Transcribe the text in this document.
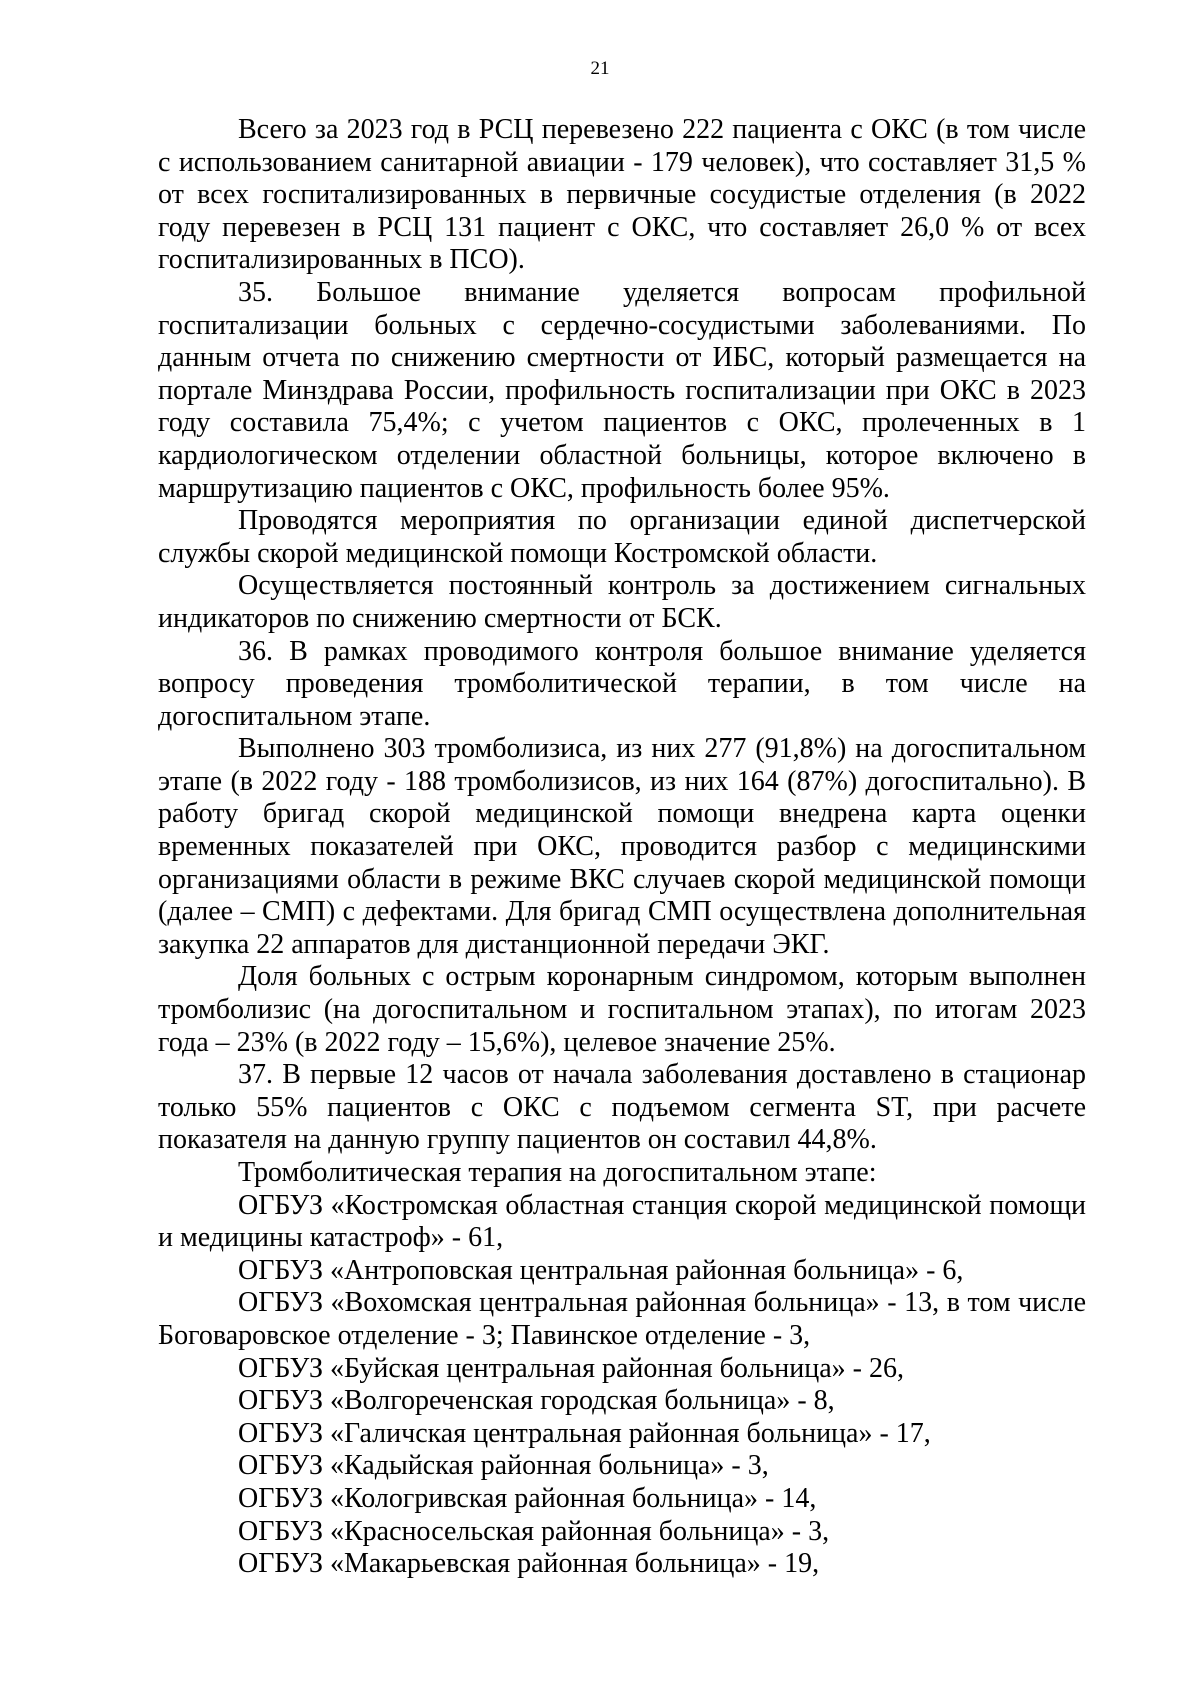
21

Всего за 2023 год в РСЦ перевезено 222 пациента с ОКС (в том числе с использованием санитарной авиации - 179 человек), что составляет 31,5 % от всех госпитализированных в первичные сосудистые отделения (в 2022 году перевезен в РСЦ 131 пациент с ОКС, что составляет 26,0 % от всех госпитализированных в ПСО).

35. Большое внимание уделяется вопросам профильной госпитализации больных с сердечно-сосудистыми заболеваниями. По данным отчета по снижению смертности от ИБС, который размещается на портале Минздрава России, профильность госпитализации при ОКС в 2023 году составила 75,4%; с учетом пациентов с ОКС, пролеченных в 1 кардиологическом отделении областной больницы, которое включено в маршрутизацию пациентов с ОКС, профильность более 95%.

Проводятся мероприятия по организации единой диспетчерской службы скорой медицинской помощи Костромской области.

Осуществляется постоянный контроль за достижением сигнальных индикаторов по снижению смертности от БСК.

36. В рамках проводимого контроля большое внимание уделяется вопросу проведения тромболитической терапии, в том числе на догоспитальном этапе.

Выполнено 303 тромболизиса, из них 277 (91,8%) на догоспитальном этапе (в 2022 году - 188 тромболизисов, из них 164 (87%) догоспитально). В работу бригад скорой медицинской помощи внедрена карта оценки временных показателей при ОКС, проводится разбор с медицинскими организациями области в режиме ВКС случаев скорой медицинской помощи (далее – СМП) с дефектами. Для бригад СМП осуществлена дополнительная закупка 22 аппаратов для дистанционной передачи ЭКГ.

Доля больных с острым коронарным синдромом, которым выполнен тромболизис (на догоспитальном и госпитальном этапах), по итогам 2023 года – 23% (в 2022 году – 15,6%), целевое значение 25%.

37. В первые 12 часов от начала заболевания доставлено в стационар только 55% пациентов с ОКС с подъемом сегмента ST, при расчете показателя на данную группу пациентов он составил 44,8%.

Тромболитическая терапия на догоспитальном этапе:

ОГБУЗ «Костромская областная станция скорой медицинской помощи и медицины катастроф» - 61,

ОГБУЗ «Антроповская центральная районная больница» - 6,

ОГБУЗ «Вохомская центральная районная больница» - 13, в том числе Боговаровское отделение - 3; Павинское отделение - 3,

ОГБУЗ «Буйская центральная районная больница» - 26,

ОГБУЗ «Волгореченская городская больница» - 8,

ОГБУЗ «Галичская центральная районная больница» - 17,

ОГБУЗ «Кадыйская районная больница» - 3,

ОГБУЗ «Кологривская районная больница» - 14,

ОГБУЗ «Красносельская районная больница» - 3,

ОГБУЗ «Макарьевская районная больница» - 19,
